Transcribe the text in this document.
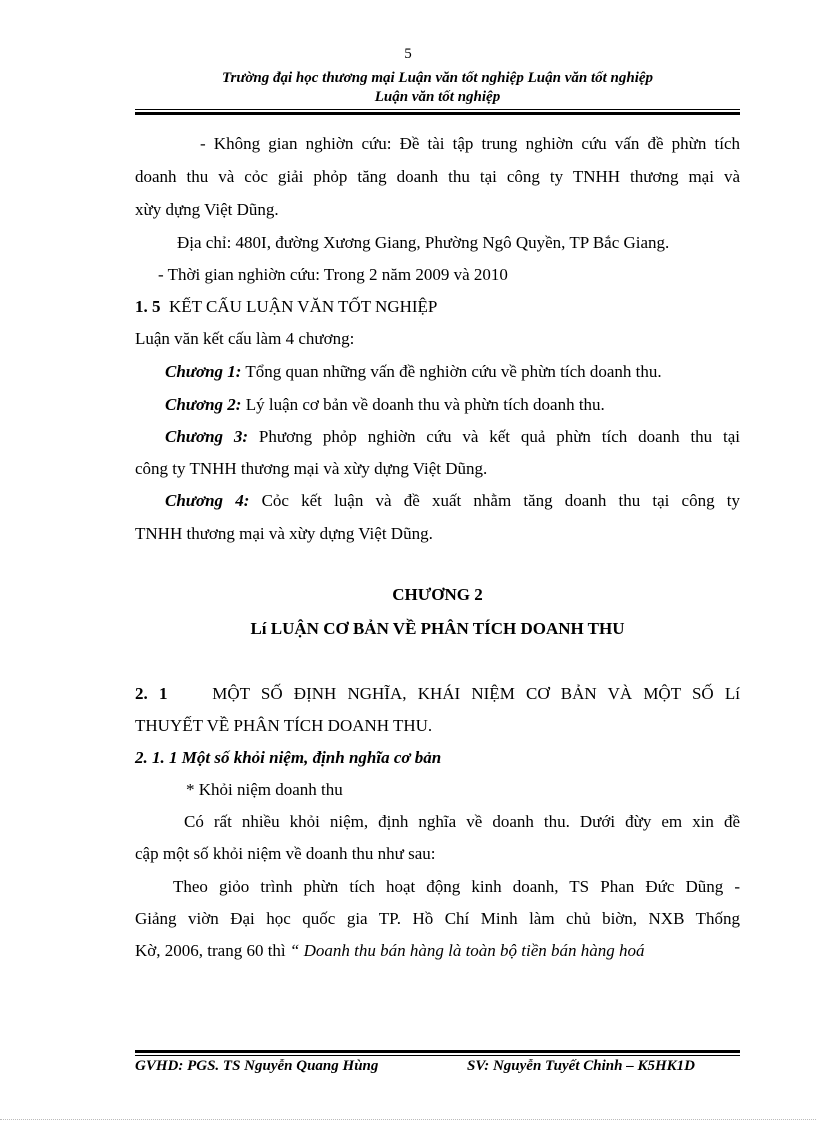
5
Trường đại học thương mại Luận văn tốt nghiệp Luận văn tốt nghiệp
Luận văn tốt nghiệp
- Không gian nghiờn cứu: Đề tài tập trung nghiờn cứu vấn đề phừn tích
doanh thu và cỏc giải phỏp tăng doanh thu tại công ty TNHH thương mại và
xừy dựng Việt Dũng.
Địa chỉ: 480I, đường Xương Giang, Phường Ngô Quyền, TP Bắc Giang.
- Thời gian nghiờn cứu: Trong 2 năm 2009 và 2010
1. 5 KẾT CẤU LUẬN VĂN TỐT NGHIỆP
Luận văn kết cấu làm 4 chương:
Chương 1: Tổng quan những vấn đề nghiờn cứu về phừn tích doanh thu.
Chương 2: Lý luận cơ bản về doanh thu và phừn tích doanh thu.
Chương 3: Phương phỏp nghiờn cứu và kết quả phừn tích doanh thu tại
công ty TNHH thương mại và xừy dựng Việt Dũng.
Chương 4: Cỏc kết luận và đề xuất nhằm tăng doanh thu tại công ty
TNHH thương mại và xừy dựng Việt Dũng.
CHƯƠNG 2
Lí LUẬN CƠ BẢN VỀ PHÂN TÍCH DOANH THU
2. 1	MỘT SỐ ĐỊNH NGHĨA, KHÁI NIỆM CƠ BẢN VÀ MỘT SỐ Lí
THUYẾT VỀ PHÂN TÍCH DOANH THU.
2. 1. 1 Một số khỏi niệm, định nghĩa cơ bản
* Khỏi niệm doanh thu
Có rất nhiều khỏi niệm, định nghĩa về doanh thu. Dưới đừy em xin đề
cập một số khỏi niệm về doanh thu như sau:
Theo giỏo trình phừn tích hoạt động kinh doanh, TS Phan Đức Dũng -
Giảng viờn Đại học quốc gia TP. Hồ Chí Minh làm chủ biờn, NXB Thống
Kờ, 2006, trang 60 thì “ Doanh thu bán hàng là toàn bộ tiền bán hàng hoá
GVHD: PGS. TS Nguyễn Quang Hùng	SV: Nguyễn Tuyết Chinh – K5HK1D
